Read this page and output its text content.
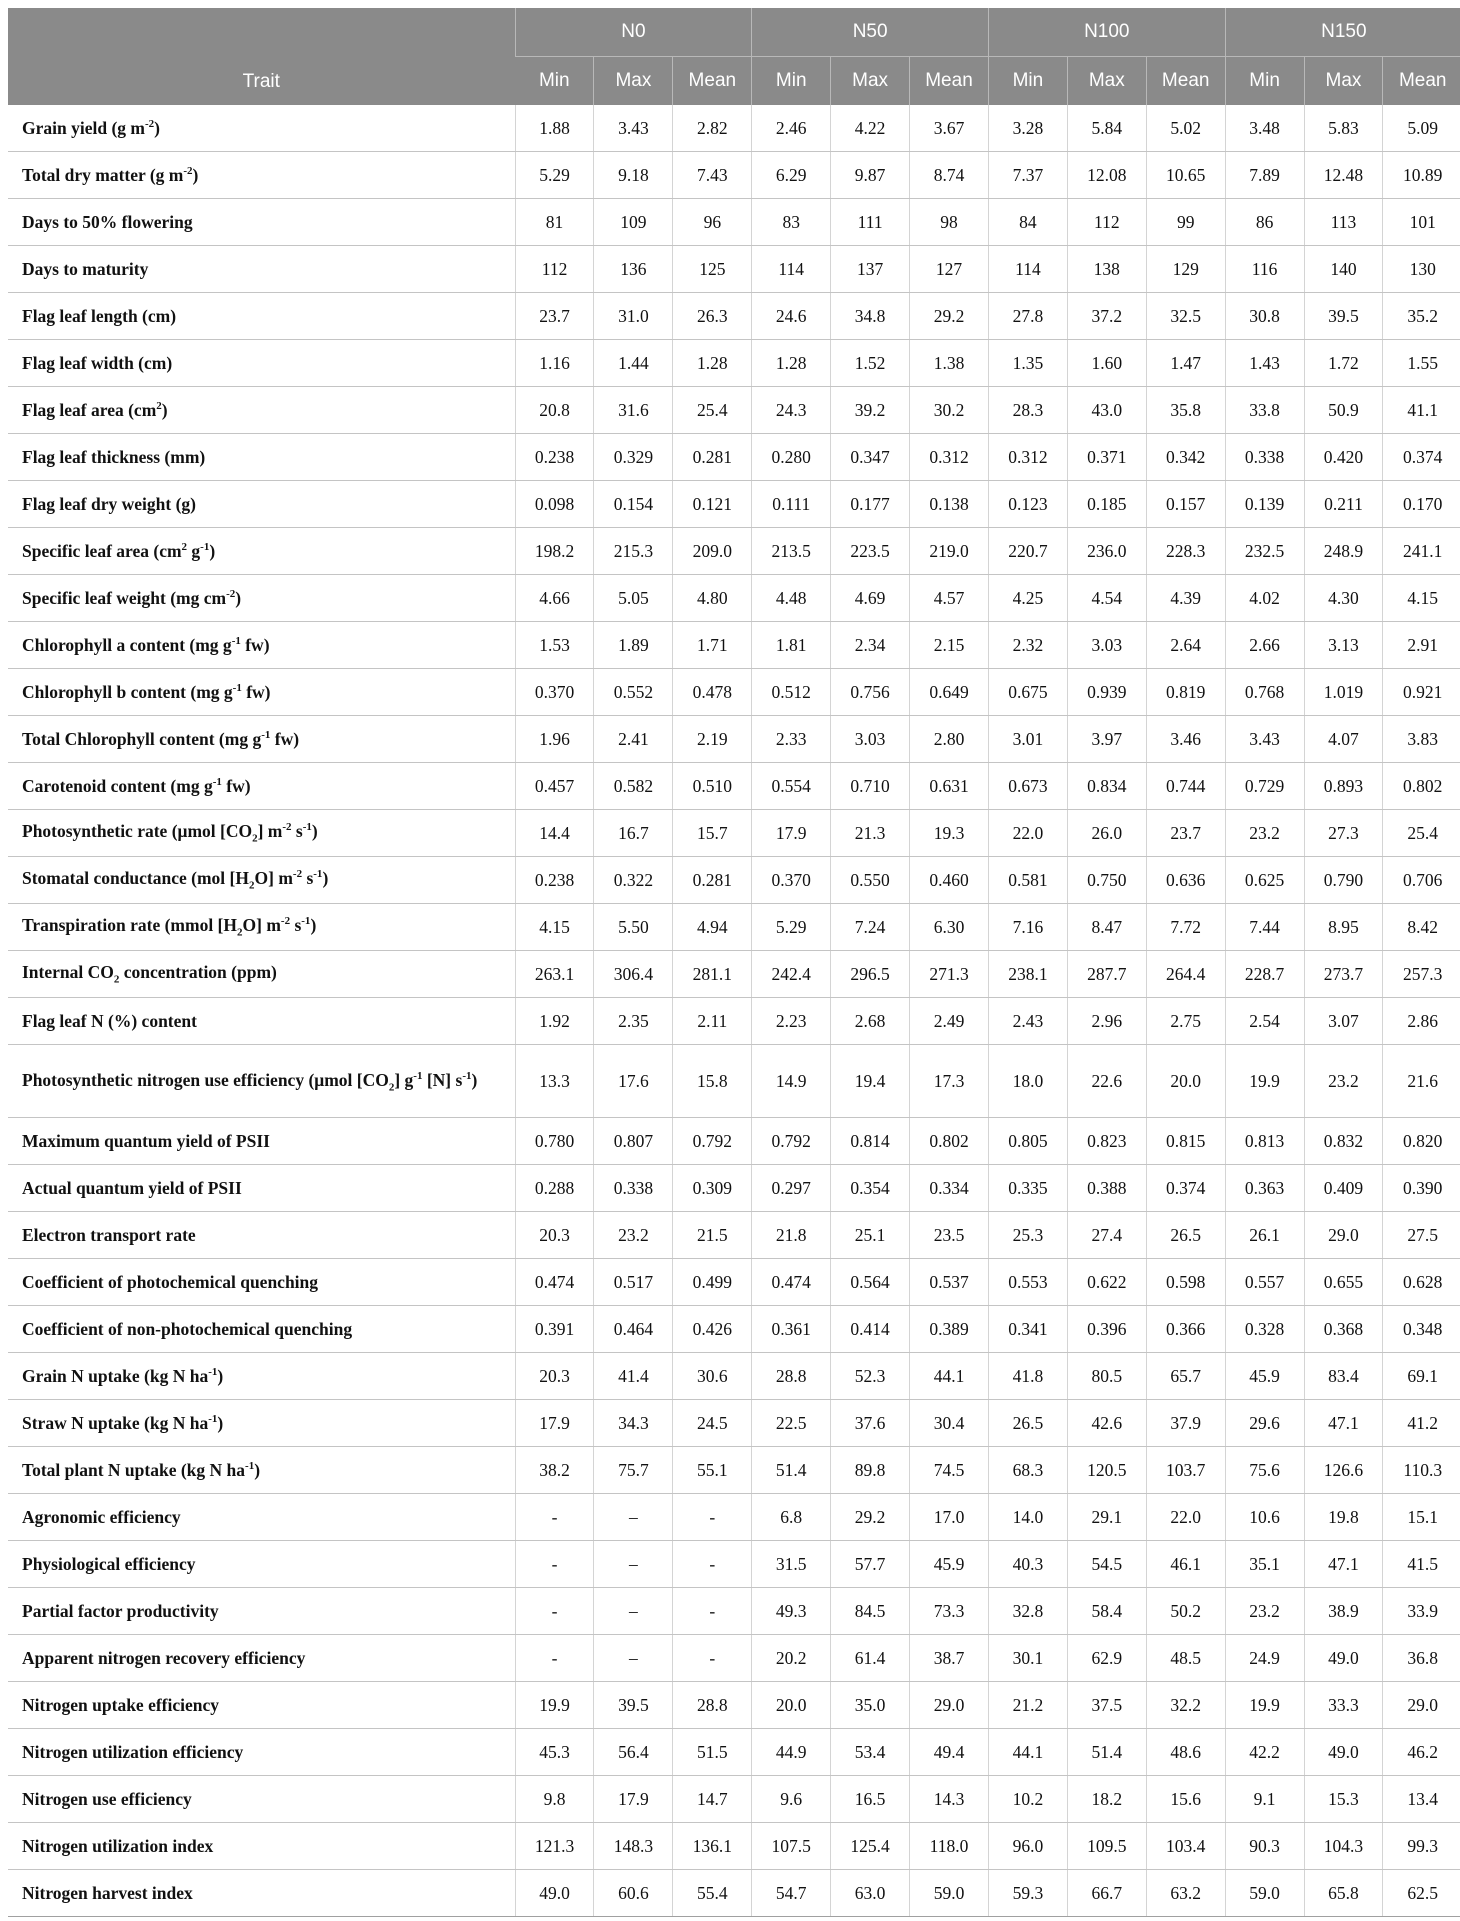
Trait	N0			N50			N100			N150		
	Min	Max	Mean	Min	Max	Mean	Min	Max	Mean	Min	Max	Mean
Grain yield (g $m^{-2}$)	1.88	3.43	2.82	2.46	4.22	3.67	3.28	5.84	5.02	3.48	5.83	5.09
Total dry matter (g $m^{-2}$)	5.29	9.18	7.43	6.29	9.87	8.74	7.37	12.08	10.65	7.89	12.48	10.89
Days to 50% flowering	81	109	96	83	111	98	84	112	99	86	113	101
Days to maturity	112	136	125	114	137	127	114	138	129	116	140	130
Flag leaf length (cm)	23.7	31.0	26.3	24.6	34.8	29.2	27.8	37.2	32.5	30.8	39.5	35.2
Flag leaf width (cm)	1.16	1.44	1.28	1.28	1.52	1.38	1.35	1.60	1.47	1.43	1.72	1.55
Flag leaf area $(cm^2)$	20.8	31.6	25.4	24.3	39.2	30.2	28.3	43.0	35.8	33.8	50.9	41.1
Flag leaf thickness (mm)	0.238	0.329	0.281	0.280	0.347	0.312	0.312	0.371	0.342	0.338	0.420	0.374
Flag leaf dry weight (g)	0.098	0.154	0.121	0.111	0.177	0.138	0.123	0.185	0.157	0.139	0.211	0.170
Specific leaf area ($cm^2$ $g^{-1}$)	198.2	215.3	209.0	213.5	223.5	219.0	220.7	236.0	228.3	232.5	248.9	241.1
Specific leaf weight (mg $cm^{-2}$)	4.66	5.05	4.80	4.48	4.69	4.57	4.25	4.54	4.39	4.02	4.30	4.15
Chlorophyll a content (mg $g^{-1}$ fw)	1.53	1.89	1.71	1.81	2.34	2.15	2.32	3.03	2.64	2.66	3.13	2.91
Chlorophyll b content (mg $g^{-1}$ fw)	0.370	0.552	0.478	0.512	0.756	0.649	0.675	0.939	0.819	0.768	1.019	0.921
Total Chlorophyll content (mg $g^{-1}$ fw)	1.96	2.41	2.19	2.33	3.03	2.80	3.01	3.97	3.46	3.43	4.07	3.83
Carotenoid content (mg $g^{-1}$ fw)	0.457	0.582	0.510	0.554	0.710	0.631	0.673	0.834	0.744	0.729	0.893	0.802
Photosynthetic rate (μmol $[CO_2]$ $m^{-2}$ $s^{-1}$)	14.4	16.7	15.7	17.9	21.3	19.3	22.0	26.0	23.7	23.2	27.3	25.4
Stomatal conductance (mol $[H_2O]$ $m^{-2}$ $s^{-1}$)	0.238	0.322	0.281	0.370	0.550	0.460	0.581	0.750	0.636	0.625	0.790	0.706
Transpiration rate (mmol $[H_2O]$ $m^{-2}$ $s^{-1}$)	4.15	5.50	4.94	5.29	7.24	6.30	7.16	8.47	7.72	7.44	8.95	8.42
Internal $CO_2$ concentration (ppm)	263.1	306.4	281.1	242.4	296.5	271.3	238.1	287.7	264.4	228.7	273.7	257.3
Flag leaf N (%) content	1.92	2.35	2.11	2.23	2.68	2.49	2.43	2.96	2.75	2.54	3.07	2.86
Photosynthetic nitrogen use efficiency (μmol $[CO_2]$ $g^{-1}$ [N] $s^{-1}$)	13.3	17.6	15.8	14.9	19.4	17.3	18.0	22.6	20.0	19.9	23.2	21.6
Maximum quantum yield of PSII	0.780	0.807	0.792	0.792	0.814	0.802	0.805	0.823	0.815	0.813	0.832	0.820
Actual quantum yield of PSII	0.288	0.338	0.309	0.297	0.354	0.334	0.335	0.388	0.374	0.363	0.409	0.390
Electron transport rate	20.3	23.2	21.5	21.8	25.1	23.5	25.3	27.4	26.5	26.1	29.0	27.5
Coefficient of photochemical quenching	0.474	0.517	0.499	0.474	0.564	0.537	0.553	0.622	0.598	0.557	0.655	0.628
Coefficient of non-photochemical quenching	0.391	0.464	0.426	0.361	0.414	0.389	0.341	0.396	0.366	0.328	0.368	0.348
Grain N uptake (kg N $ha^{-1}$)	20.3	41.4	30.6	28.8	52.3	44.1	41.8	80.5	65.7	45.9	83.4	69.1
Straw N uptake (kg N $ha^{-1}$)	17.9	34.3	24.5	22.5	37.6	30.4	26.5	42.6	37.9	29.6	47.1	41.2
Total plant N uptake (kg N $ha^{-1}$)	38.2	75.7	55.1	51.4	89.8	74.5	68.3	120.5	103.7	75.6	126.6	110.3
Agronomic efficiency	-	–	-	6.8	29.2	17.0	14.0	29.1	22.0	10.6	19.8	15.1
Physiological efficiency	-	–	-	31.5	57.7	45.9	40.3	54.5	46.1	35.1	47.1	41.5
Partial factor productivity	-	–	-	49.3	84.5	73.3	32.8	58.4	50.2	23.2	38.9	33.9
Apparent nitrogen recovery efficiency	-	–	-	20.2	61.4	38.7	30.1	62.9	48.5	24.9	49.0	36.8
Nitrogen uptake efficiency	19.9	39.5	28.8	20.0	35.0	29.0	21.2	37.5	32.2	19.9	33.3	29.0
Nitrogen utilization efficiency	45.3	56.4	51.5	44.9	53.4	49.4	44.1	51.4	48.6	42.2	49.0	46.2
Nitrogen use efficiency	9.8	17.9	14.7	9.6	16.5	14.3	10.2	18.2	15.6	9.1	15.3	13.4
Nitrogen utilization index	121.3	148.3	136.1	107.5	125.4	118.0	96.0	109.5	103.4	90.3	104.3	99.3
Nitrogen harvest index	49.0	60.6	55.4	54.7	63.0	59.0	59.3	66.7	63.2	59.0	65.8	62.5
